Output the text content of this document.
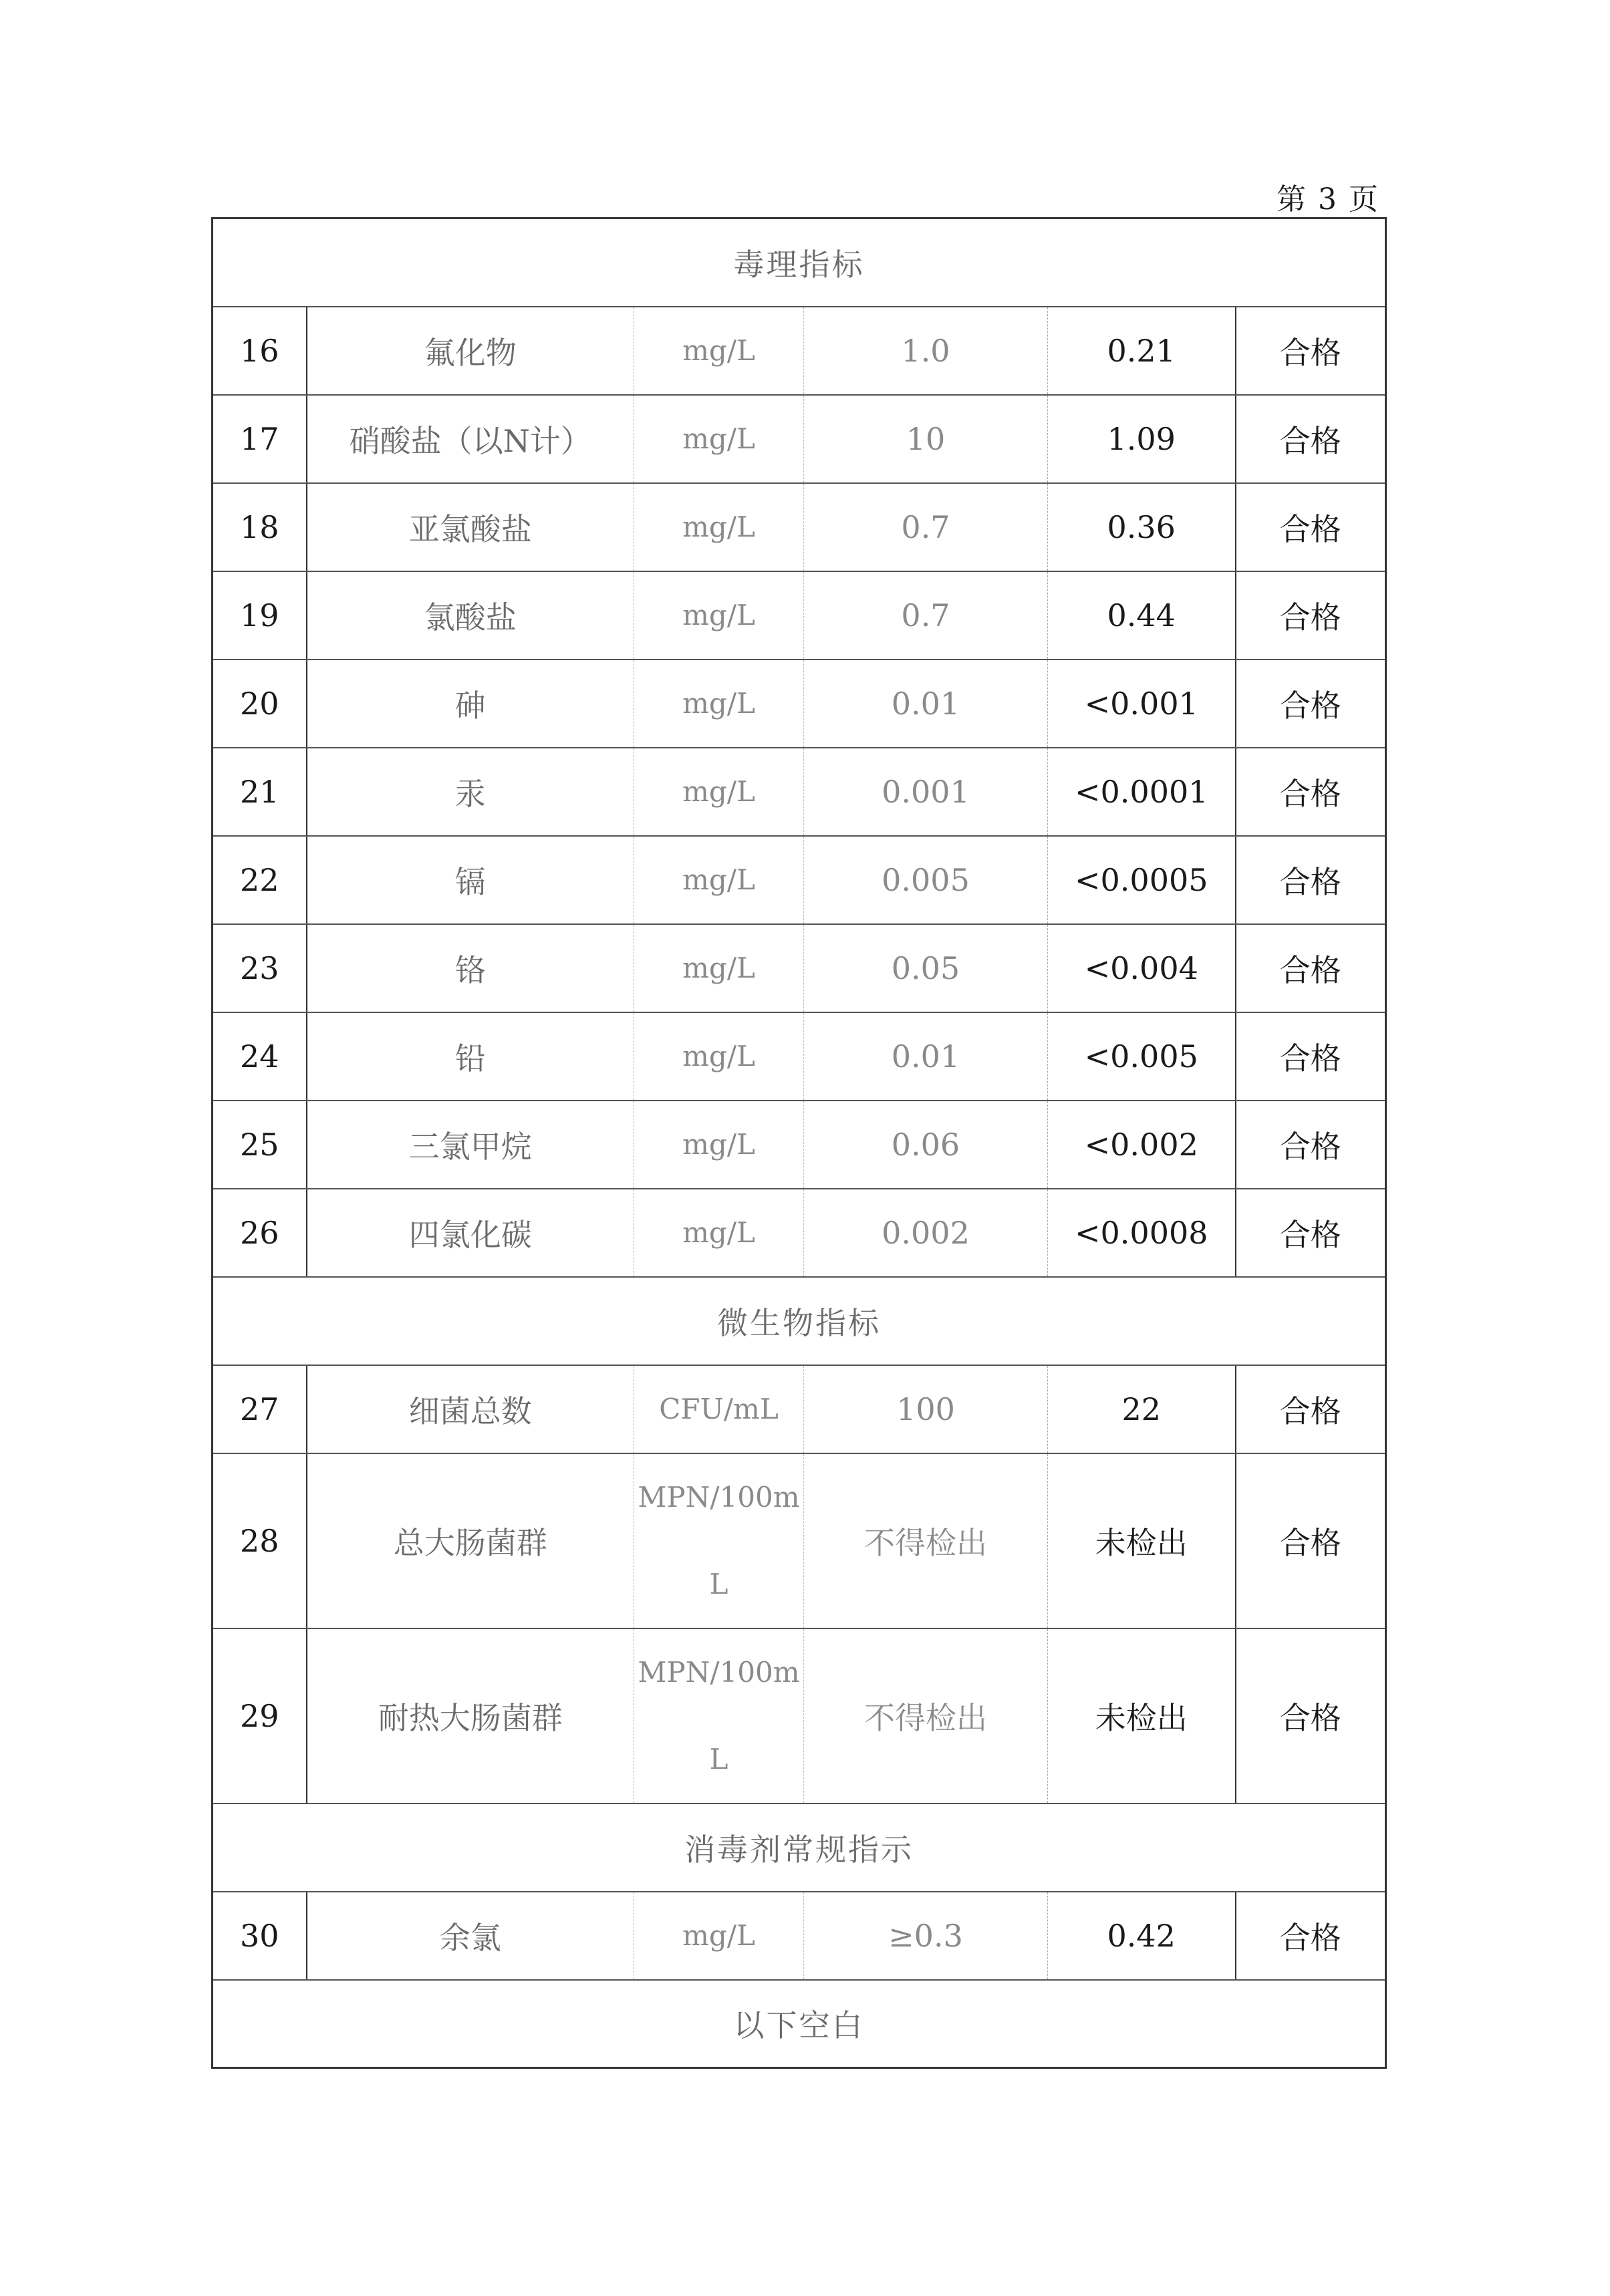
第 3 页
毒理指标					
16	氟化物	mg/L	1.0	0.21	合格
17	硝酸盐（以N计）	mg/L	10	1.09	合格
18	亚氯酸盐	mg/L	0.7	0.36	合格
19	氯酸盐	mg/L	0.7	0.44	合格
20	砷	mg/L	0.01	<0.001	合格
21	汞	mg/L	0.001	<0.0001	合格
22	镉	mg/L	0.005	<0.0005	合格
23	铬	mg/L	0.05	<0.004	合格
24	铅	mg/L	0.01	<0.005	合格
25	三氯甲烷	mg/L	0.06	<0.002	合格
26	四氯化碳	mg/L	0.002	<0.0008	合格
微生物指标					
27	细菌总数	CFU/mL	100	22	合格
28	总大肠菌群	MPN/100mL	不得检出	未检出	合格
29	耐热大肠菌群	MPN/100mL	不得检出	未检出	合格
消毒剂常规指示					
30	余氯	mg/L	≥0.3	0.42	合格
以下空白					
